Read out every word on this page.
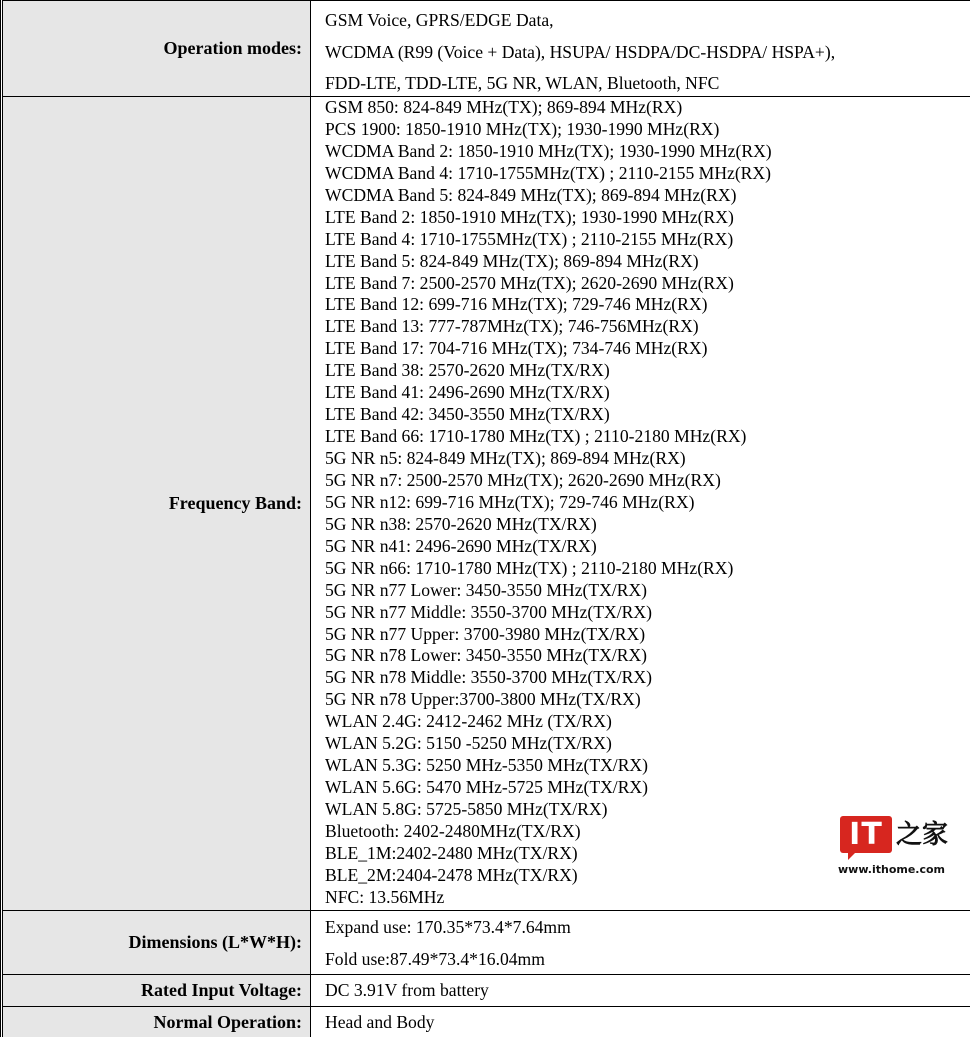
Operation modes:
GSM Voice, GPRS/EDGE Data,
WCDMA (R99 (Voice + Data), HSUPA/ HSDPA/DC-HSDPA/ HSPA+),
FDD-LTE, TDD-LTE, 5G NR, WLAN, Bluetooth, NFC
Frequency Band:
GSM 850: 824-849 MHz(TX); 869-894 MHz(RX)
PCS 1900: 1850-1910 MHz(TX); 1930-1990 MHz(RX)
WCDMA Band 2: 1850-1910 MHz(TX); 1930-1990 MHz(RX)
WCDMA Band 4: 1710-1755MHz(TX) ; 2110-2155 MHz(RX)
WCDMA Band 5: 824-849 MHz(TX); 869-894 MHz(RX)
LTE Band 2: 1850-1910 MHz(TX); 1930-1990 MHz(RX)
LTE Band 4: 1710-1755MHz(TX) ; 2110-2155 MHz(RX)
LTE Band 5: 824-849 MHz(TX); 869-894 MHz(RX)
LTE Band 7: 2500-2570 MHz(TX); 2620-2690 MHz(RX)
LTE Band 12: 699-716 MHz(TX); 729-746 MHz(RX)
LTE Band 13: 777-787MHz(TX); 746-756MHz(RX)
LTE Band 17: 704-716 MHz(TX); 734-746 MHz(RX)
LTE Band 38: 2570-2620 MHz(TX/RX)
LTE Band 41: 2496-2690 MHz(TX/RX)
LTE Band 42: 3450-3550 MHz(TX/RX)
LTE Band 66: 1710-1780 MHz(TX) ; 2110-2180 MHz(RX)
5G NR n5: 824-849 MHz(TX); 869-894 MHz(RX)
5G NR n7: 2500-2570 MHz(TX); 2620-2690 MHz(RX)
5G NR n12: 699-716 MHz(TX); 729-746 MHz(RX)
5G NR n38: 2570-2620 MHz(TX/RX)
5G NR n41: 2496-2690 MHz(TX/RX)
5G NR n66: 1710-1780 MHz(TX) ; 2110-2180 MHz(RX)
5G NR n77 Lower: 3450-3550 MHz(TX/RX)
5G NR n77 Middle: 3550-3700 MHz(TX/RX)
5G NR n77 Upper: 3700-3980 MHz(TX/RX)
5G NR n78 Lower: 3450-3550 MHz(TX/RX)
5G NR n78 Middle: 3550-3700 MHz(TX/RX)
5G NR n78 Upper:3700-3800 MHz(TX/RX)
WLAN 2.4G: 2412-2462 MHz (TX/RX)
WLAN 5.2G: 5150 -5250 MHz(TX/RX)
WLAN 5.3G: 5250 MHz-5350 MHz(TX/RX)
WLAN 5.6G: 5470 MHz-5725 MHz(TX/RX)
WLAN 5.8G: 5725-5850 MHz(TX/RX)
Bluetooth: 2402-2480MHz(TX/RX)
BLE_1M:2402-2480 MHz(TX/RX)
BLE_2M:2404-2478 MHz(TX/RX)
NFC: 13.56MHz
Dimensions (L*W*H):
Expand use: 170.35*73.4*7.64mm
Fold use:87.49*73.4*16.04mm
Rated Input Voltage:	DC 3.91V from battery
Normal Operation:	Head and Body
IT 之家
www.ithome.com
